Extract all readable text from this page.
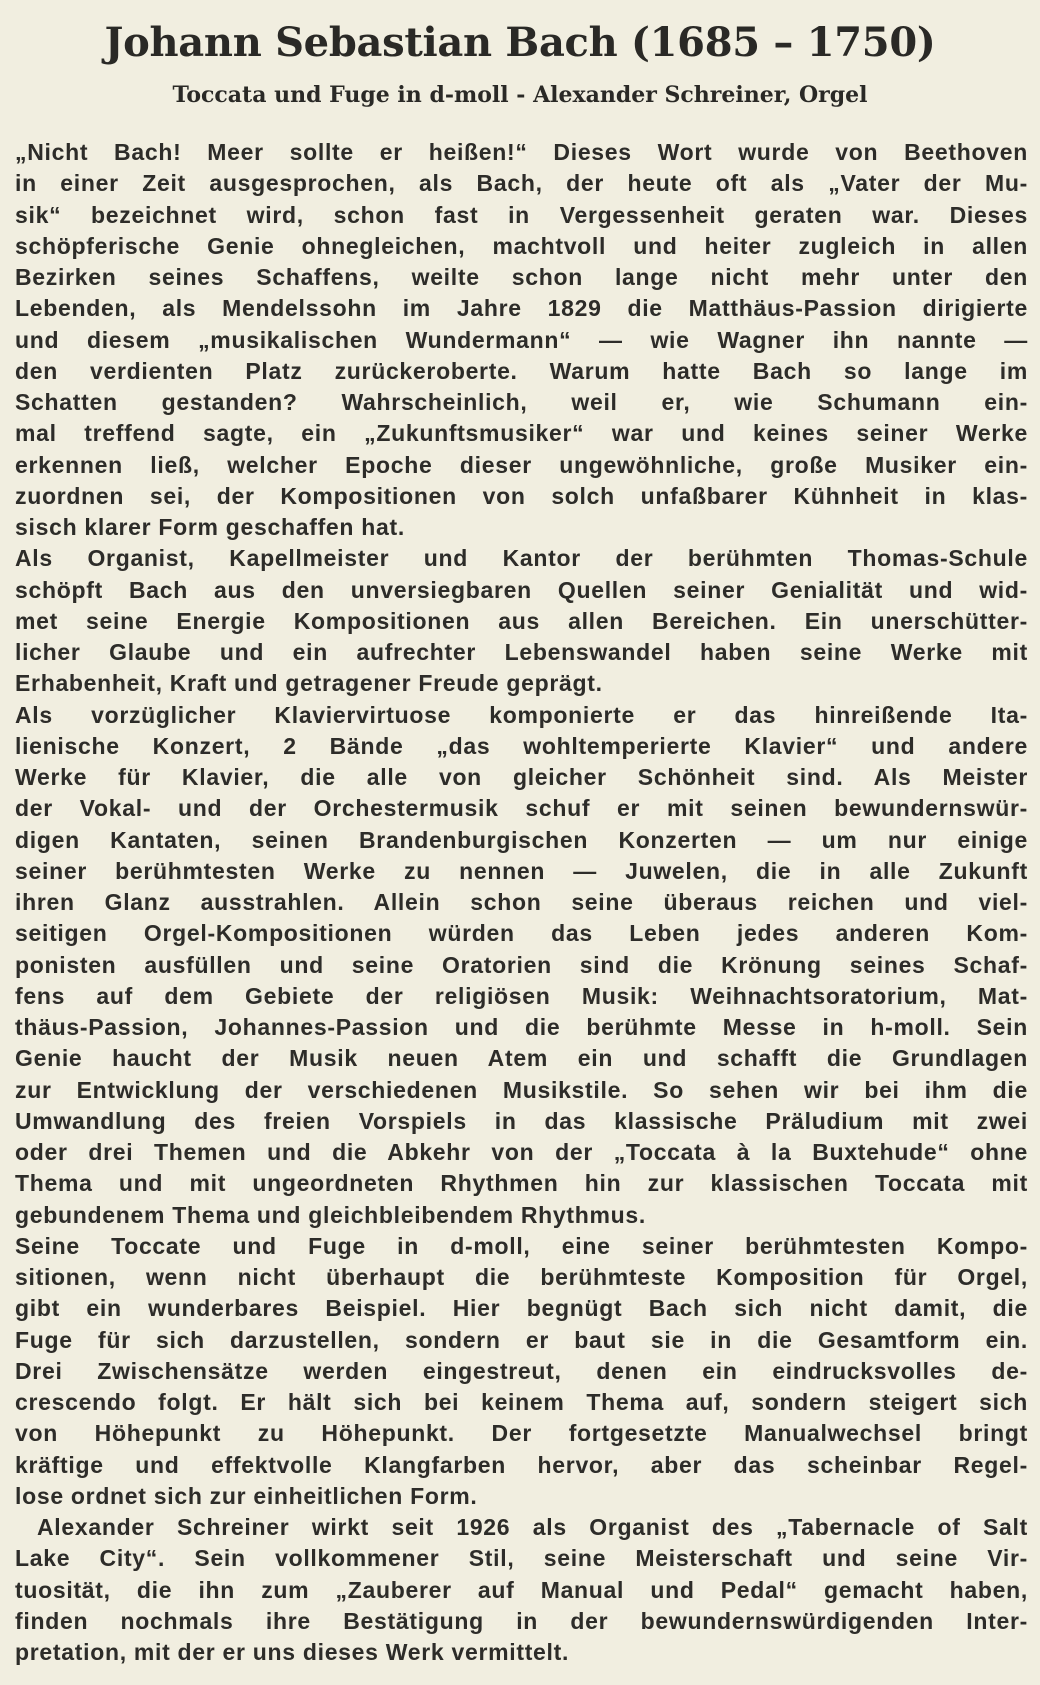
Johann Sebastian Bach (1685 – 1750)
Toccata und Fuge in d-moll - Alexander Schreiner, Orgel
„Nicht Bach! Meer sollte er heißen!“ Dieses Wort wurde von Beethoven
in einer Zeit ausgesprochen, als Bach, der heute oft als „Vater der Mu-
sik“ bezeichnet wird, schon fast in Vergessenheit geraten war. Dieses
schöpferische Genie ohnegleichen, machtvoll und heiter zugleich in allen
Bezirken seines Schaffens, weilte schon lange nicht mehr unter den
Lebenden, als Mendelssohn im Jahre 1829 die Matthäus-Passion dirigierte
und diesem „musikalischen Wundermann“ — wie Wagner ihn nannte —
den verdienten Platz zurückeroberte. Warum hatte Bach so lange im
Schatten gestanden? Wahrscheinlich, weil er, wie Schumann ein-
mal treffend sagte, ein „Zukunftsmusiker“ war und keines seiner Werke
erkennen ließ, welcher Epoche dieser ungewöhnliche, große Musiker ein-
zuordnen sei, der Kompositionen von solch unfaßbarer Kühnheit in klas-
sisch klarer Form geschaffen hat.
Als Organist, Kapellmeister und Kantor der berühmten Thomas-Schule
schöpft Bach aus den unversiegbaren Quellen seiner Genialität und wid-
met seine Energie Kompositionen aus allen Bereichen. Ein unerschütter-
licher Glaube und ein aufrechter Lebenswandel haben seine Werke mit
Erhabenheit, Kraft und getragener Freude geprägt.
Als vorzüglicher Klaviervirtuose komponierte er das hinreißende Ita-
lienische Konzert, 2 Bände „das wohltemperierte Klavier“ und andere
Werke für Klavier, die alle von gleicher Schönheit sind. Als Meister
der Vokal- und der Orchestermusik schuf er mit seinen bewundernswür-
digen Kantaten, seinen Brandenburgischen Konzerten — um nur einige
seiner berühmtesten Werke zu nennen — Juwelen, die in alle Zukunft
ihren Glanz ausstrahlen. Allein schon seine überaus reichen und viel-
seitigen Orgel-Kompositionen würden das Leben jedes anderen Kom-
ponisten ausfüllen und seine Oratorien sind die Krönung seines Schaf-
fens auf dem Gebiete der religiösen Musik: Weihnachtsoratorium, Mat-
thäus-Passion, Johannes-Passion und die berühmte Messe in h-moll. Sein
Genie haucht der Musik neuen Atem ein und schafft die Grundlagen
zur Entwicklung der verschiedenen Musikstile. So sehen wir bei ihm die
Umwandlung des freien Vorspiels in das klassische Präludium mit zwei
oder drei Themen und die Abkehr von der „Toccata à la Buxtehude“ ohne
Thema und mit ungeordneten Rhythmen hin zur klassischen Toccata mit
gebundenem Thema und gleichbleibendem Rhythmus.
Seine Toccate und Fuge in d-moll, eine seiner berühmtesten Kompo-
sitionen, wenn nicht überhaupt die berühmteste Komposition für Orgel,
gibt ein wunderbares Beispiel. Hier begnügt Bach sich nicht damit, die
Fuge für sich darzustellen, sondern er baut sie in die Gesamtform ein.
Drei Zwischensätze werden eingestreut, denen ein eindrucksvolles de-
crescendo folgt. Er hält sich bei keinem Thema auf, sondern steigert sich
von Höhepunkt zu Höhepunkt. Der fortgesetzte Manualwechsel bringt
kräftige und effektvolle Klangfarben hervor, aber das scheinbar Regel-
lose ordnet sich zur einheitlichen Form.
Alexander Schreiner wirkt seit 1926 als Organist des „Tabernacle of Salt
Lake City“. Sein vollkommener Stil, seine Meisterschaft und seine Vir-
tuosität, die ihn zum „Zauberer auf Manual und Pedal“ gemacht haben,
finden nochmals ihre Bestätigung in der bewundernswürdigenden Inter-
pretation, mit der er uns dieses Werk vermittelt.
